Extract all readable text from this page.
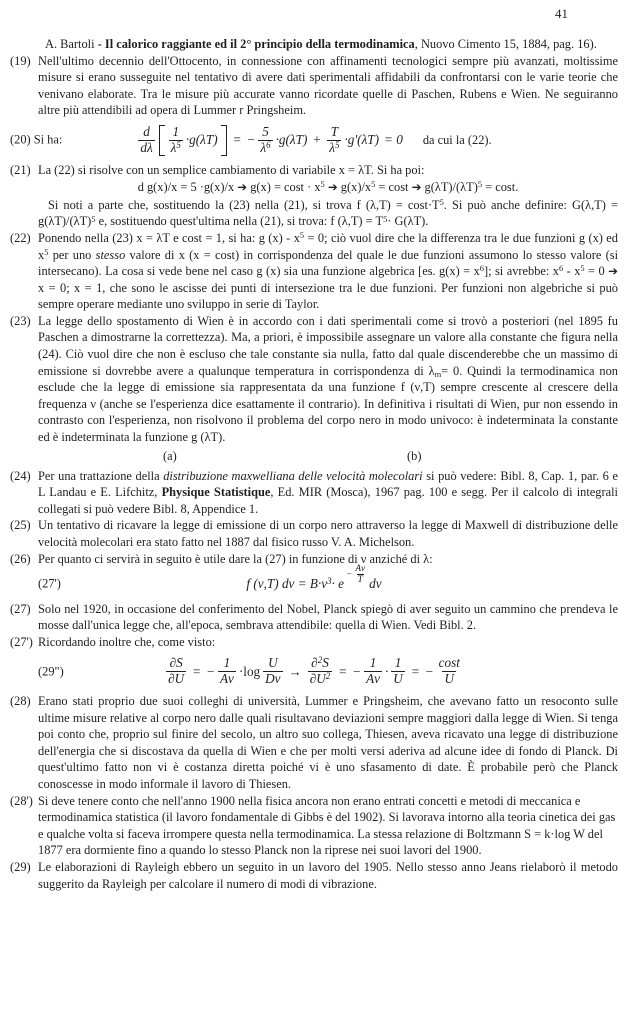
41

A. Bartoli - Il calorico raggiante ed il 2° principio della termodinamica, Nuovo Cimento 15, 1884, pag. 16).

(19) Nell'ultimo decennio dell'Ottocento, in connessione con affinamenti tecnologici sempre più avanzati, moltissime misure si erano susseguite nel tentativo di avere dati sperimentali affidabili da confrontarsi con le varie teorie che venivano elaborate. Tra le misure più accurate vanno ricordate quelle di Paschen, Rubens e Wien. Ne seguiranno altre più attendibili ad opera di Lummer r Pringsheim.
(20) Si ha:
d
dλ
1
$\lambda^5 \cdot g(\lambda T)$ = − $\frac{5}{\lambda^6} \cdot g(\lambda T) + \frac{T}{\lambda^5} \cdot g'(\lambda T) = 0$ da cui la (22).
(21) La (22) si risolve con un semplice cambiamento di variabile x = λT. Si ha poi:
d g(x)/x = 5 ·g(x)/x ➔ $g(x) = \cos t \cdot x^5$ ➔ $g(x)/x^5 = \cos t$ ➔ $g(\lambda T)/(\lambda T)^5 = \cos t$.
Si noti a parte che, sostituendo la (23) nella (21), si trova f $(\lambda,T) = \cos t\cdot T^5$. Si può anche definire: $G(\lambda,T) = g(\lambda T)/(\lambda T)^5$ e, sostituendo quest'ultima nella (21), si trova: f $(\lambda,T) = T^5\cdot G(\lambda T)$.
(22) Ponendo nella (23) x = λT e cost = 1, si ha: g $(x) - x^5 = 0$; ciò vuol dire che la differenza tra le due funzioni g (x) ed $x^5$ per uno stesso valore di x (x = cost) in corrispondenza del quale le due funzioni assumono lo stesso valore (si intersecano). La cosa si vede bene nel caso g (x) sia una funzione algebrica [es. $g(x) = x^6$]; si avrebbe: $x^6 - x^5 = 0$ ➔ x = 0; x = 1, che sono le ascisse dei punti di intersezione tra le due funzioni. Per funzioni non algebriche si può sempre operare mediante uno sviluppo in serie di Taylor.
(23) La legge dello spostamento di Wien è in accordo con i dati sperimentali come si trovò a posteriori (nel 1895 fu Paschen a dimostrarne la correttezza). Ma, a priori, è impossibile assegnare un valore alla constante che figura nella (24). Ciò vuol dire che non è escluso che tale constante sia nulla, fatto dal quale discenderebbe che un massimo di emissione si dovrebbe avere a qualunque temperatura in corrispondenza di λm= 0. Quindi la termodinamica non esclude che la legge di emissione sia rappresentata da una funzione f (ν,T) sempre crescente al crescere della frequenza ν (anche se l'esperienza dice esattamente il contrario). In definitiva i risultati di Wien, pur non essendo in contrasto con l'esperienza, non risolvono il problema del corpo nero in modo univoco: è indeterminata la constante ed è indeterminata la funzione g (λT).
(a)	(b)
(24) Per una trattazione della distribuzione maxwelliana delle velocità molecolari si può vedere: Bibl. 8, Cap. 1, par. 6 e L Landau e E. Lifchitz, Physique Statistique, Ed. MIR (Mosca), 1967 pag. 100 e segg. Per il calcolo di integrali collegati si può vedere Bibl. 8, Appendice 1.
(25) Un tentativo di ricavare la legge di emissione di un corpo nero attraverso la legge di Maxwell di distribuzione delle velocità molecolari era stato fatto nel 1887 dal fisico russo V. A. Michelson.
(26) Per quanto ci servirà in seguito è utile dare la (27) in funzione di ν anziché di λ:
(27')	f (ν,T) $d\nu = B\cdot\nu^3\cdot e$
− $\frac{A\nu}{T}$ dν
(27) Solo nel 1920, in occasione del conferimento del Nobel, Planck spiegò di aver seguito un cammino che prendeva le mosse dall'unica legge che, all'epoca, sembrava attendibile: quella di Wien. Vedi Bibl. 2.
(27') Ricordando inoltre che, come visto:
(29")	$\frac{\partial S}{\partial U}$ = − $\frac{1}{A\nu} \cdot\log$
U
$D\nu \to \frac{\partial^2S}{\partial U^2}$ = − $\frac{1}{A\nu} \cdot \frac{1}{U}$ = − $\frac{\cos t}{U}$
(28) Erano stati proprio due suoi colleghi di università, Lummer e Pringsheim, che avevano fatto un resoconto sulle ultime misure relative al corpo nero dalle quali risultavano deviazioni sempre maggiori dalla legge di Wien. Si tenga poi conto che, proprio sul finire del secolo, un altro suo collega, Thiesen, aveva ricavato una legge di distribuzione dell'energia che si discostava da quella di Wien e che per molti versi aderiva ad alcune idee di fondo di Planck. Di quest'ultimo fatto non vi è costanza diretta poiché vi è uno sfasamento di date. È probabile però che Planck conoscesse in modo informale il lavoro di Thiesen.
(28') Si deve tenere conto che nell'anno 1900 nella fisica ancora non erano entrati concetti e metodi di meccanica e termodinamica statistica (il lavoro fondamentale di Gibbs è del 1902). Si lavorava intorno alla teoria cinetica dei gas e qualche volta si faceva irrompere questa nella termodinamica. La stessa relazione di Boltzmann S = k·log W del 1877 era dormiente fino a quando lo stesso Planck non la riprese nei suoi lavori del 1900.
(29) Le elaborazioni di Rayleigh ebbero un seguito in un lavoro del 1905. Nello stesso anno Jeans rielaborò il metodo suggerito da Rayleigh per calcolare il numero di modi di vibrazione.
